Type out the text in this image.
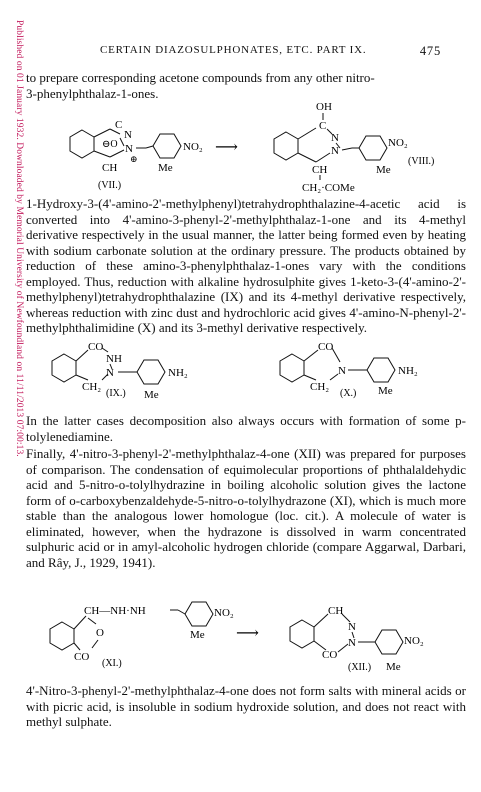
Published on 01 January 1932. Downloaded by Memorial University of Newfoundland on 11/11/2013 07:00:13.	CERTAIN DIAZOSULPHONATES, ETC. PART IX.	475
to prepare corresponding acetone compounds from any other nitro-
3-phenylphthalaz-1-ones.
⊖O
C
N
N
⊕
CH	Me
NO₂
(VII.)
⟶
OH
C
N
N
CH
CH₂·COMe
Me
NO₂
(VIII.)

1-Hydroxy-3-(4'-amino-2'-methylphenyl)tetrahydrophthalazine-4-acetic acid is converted into 4'-amino-3-phenyl-2'-methylphthalaz-1-one and its 4-methyl derivative respectively in the usual manner, the latter being formed even by heating with sodium carbonate solution at the ordinary pressure. The products obtained by reduction of these amino-3-phenylphthalaz-1-ones vary with the conditions employed. Thus, reduction with alkaline hydrosulphite gives 1-keto-3-(4'-amino-2'-methylphenyl)tetrahydrophthalazine (IX) and its 4-methyl derivative respectively, whereas reduction with zinc dust and hydrochloric acid gives 4'-amino-N-phenyl-2'-methylphthalimidine (X) and its 3-methyl derivative respectively.

CO
NH
N
CH₂
NH₂
Me
(IX.)
CO
N
CH₂
NH₂
Me
(X.)

In the latter cases decomposition also always occurs with formation of some p-tolylenediamine.

Finally, 4'-nitro-3-phenyl-2'-methylphthalaz-4-one (XII) was prepared for purposes of comparison. The condensation of equimolecular proportions of phthalaldehydic acid and 5-nitro-o-tolylhydrazine in boiling alcoholic solution gives the lactone form of o-carboxybenzaldehyde-5-nitro-o-tolylhydrazone (XI), which is much more stable than the analogous lower homologue (loc. cit.). A molecule of water is eliminated, however, when the hydrazone is dissolved in warm concentrated sulphuric acid or in amyl-alcoholic hydrogen chloride (compare Aggarwal, Darbari, and Rây, J., 1929, 1941).

CH—NH·NH
O
CO
NO₂
Me
(XI.)
⟶
CH
N
N
CO
NO₂
Me
(XII.)

4'-Nitro-3-phenyl-2'-methylphthalaz-4-one does not form salts with mineral acids or with picric acid, is insoluble in sodium hydroxide solution, and does not react with methyl sulphate.
